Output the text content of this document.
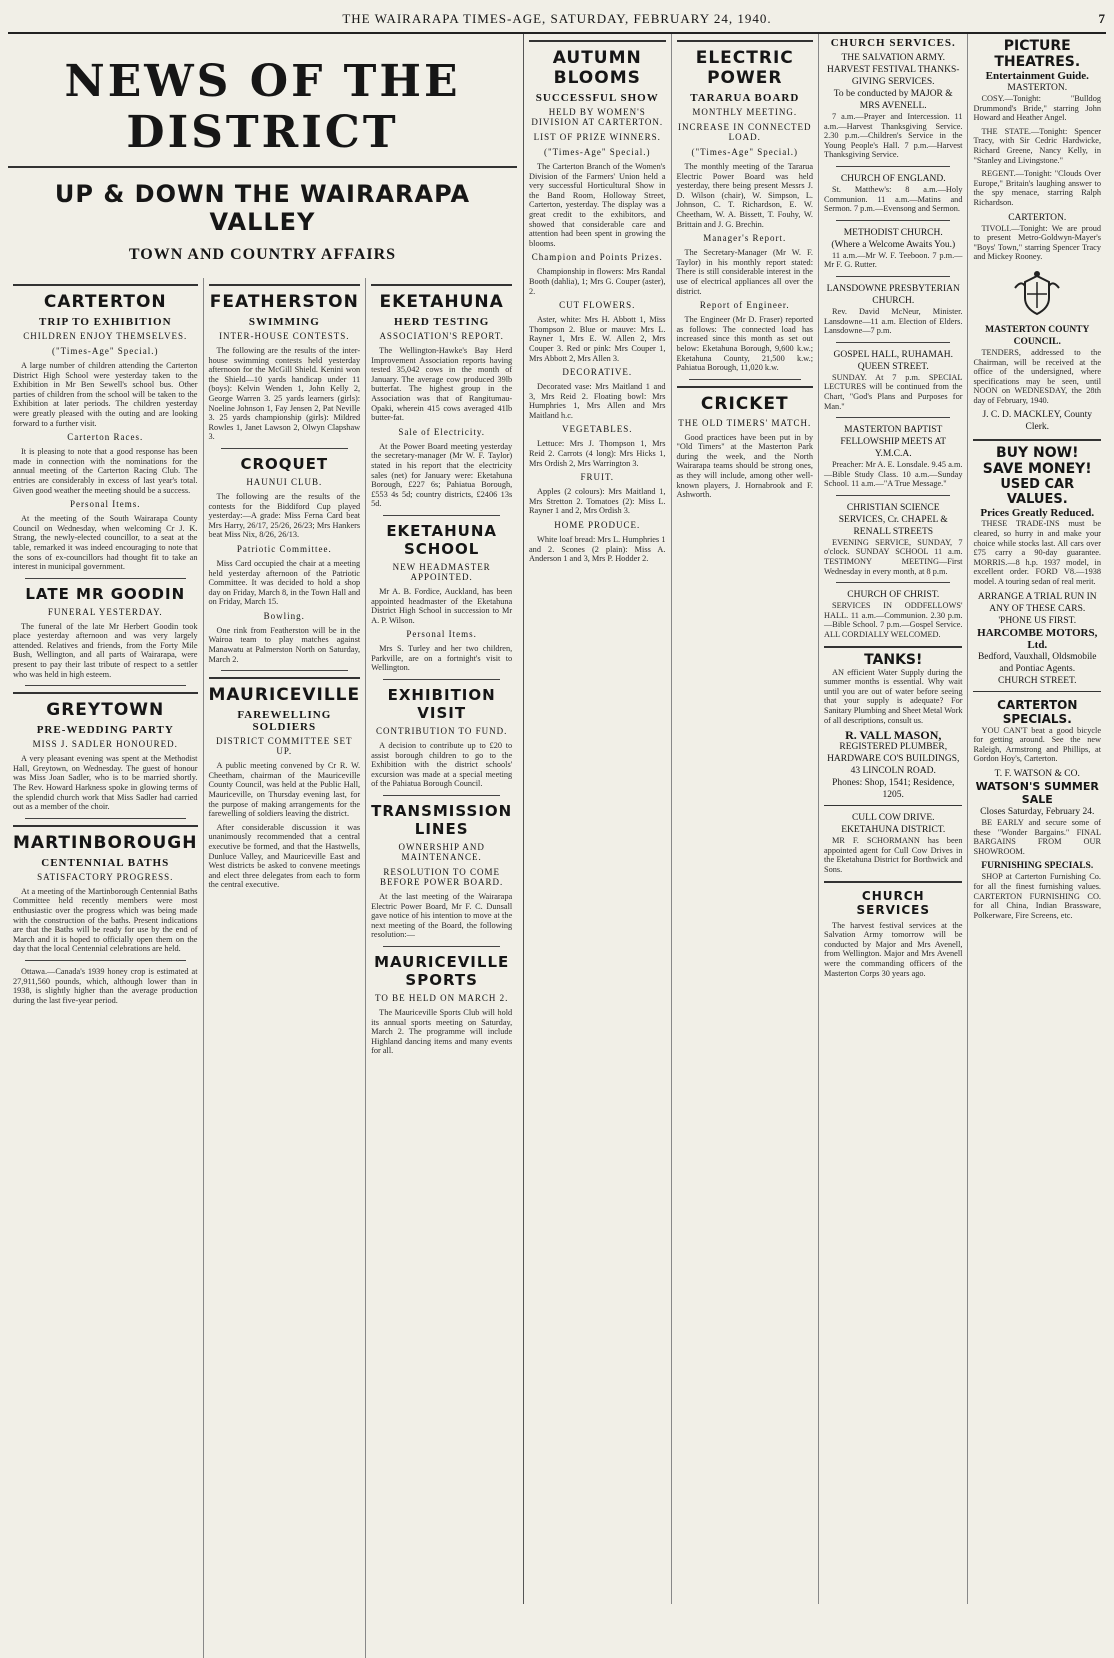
THE WAIRARAPA TIMES-AGE, SATURDAY, FEBRUARY 24, 1940.	7
NEWS OF THE DISTRICT
UP & DOWN THE WAIRARAPA VALLEY
TOWN AND COUNTRY AFFAIRS
CARTERTON
TRIP TO EXHIBITION
CHILDREN ENJOY THEMSELVES.
("Times-Age" Special.)

A large number of children attending the Carterton District High School were yesterday taken to the Exhibition in Mr Ben Sewell's school bus. Other parties of children from the school will be taken to the Exhibition at later periods. The children yesterday were greatly pleased with the outing and are looking forward to a further visit.

Carterton Races.

It is pleasing to note that a good response has been made in connection with the nominations for the annual meeting of the Carterton Racing Club. The entries are considerably in excess of last year's total. Given good weather the meeting should be a success.

Personal Items.

At the meeting of the South Wairarapa County Council on Wednesday, when welcoming Cr J. K. Strang, the newly-elected councillor, to a seat at the table, remarked it was indeed encouraging to note that the sons of ex-councillors had thought fit to take an interest in municipal government.

LATE MR GOODIN
FUNERAL YESTERDAY.

The funeral of the late Mr Herbert Goodin took place yesterday afternoon and was very largely attended. Relatives and friends, from the Forty Mile Bush, Wellington, and all parts of Wairarapa, were present to pay their last tribute of respect to a settler who was held in high esteem.

GREYTOWN
PRE-WEDDING PARTY
MISS J. SADLER HONOURED.

A very pleasant evening was spent at the Methodist Hall, Greytown, on Wednesday. The guest of honour was Miss Joan Sadler, who is to be married shortly. The Rev. Howard Harkness spoke in glowing terms of the splendid church work that Miss Sadler had carried out as a member of the choir.

MARTINBOROUGH
CENTENNIAL BATHS
SATISFACTORY PROGRESS.

At a meeting of the Martinborough Centennial Baths Committee held recently members were most enthusiastic over the progress which was being made with the construction of the baths. Present indications are that the Baths will be ready for use by the end of March and it is hoped to officially open them on the day that the local Centennial celebrations are held.

Ottawa.—Canada's 1939 honey crop is estimated at 27,911,560 pounds, which, although lower than in 1938, is slightly higher than the average production during the last five-year period.

FEATHERSTON
SWIMMING
INTER-HOUSE CONTESTS.

The following are the results of the inter-house swimming contests held yesterday afternoon for the McGill Shield. Kenini won the Shield—10 yards handicap under 11 (boys): Kelvin Wenden 1, John Kelly 2, George Warren 3. 25 yards learners (girls): Noeline Johnson 1, Fay Jensen 2, Pat Neville 3. 25 yards championship (girls): Mildred Rowles 1, Janet Lawson 2, Olwyn Clapshaw 3.

CROQUET
HAUNUI CLUB.

The following are the results of the contests for the Biddiford Cup played yesterday:—A grade: Miss Ferna Card beat Mrs Harry, 26/17, 25/26, 26/23; Mrs Hankers beat Miss Nix, 8/26, 26/13.

Patriotic Committee.

Miss Card occupied the chair at a meeting held yesterday afternoon of the Patriotic Committee. It was decided to hold a shop day on Friday, March 8, in the Town Hall and on Friday, March 15.

Bowling.

One rink from Featherston will be in the Wairoa team to play matches against Manawatu at Palmerston North on Saturday, March 2.

MAURICEVILLE
FAREWELLING SOLDIERS
DISTRICT COMMITTEE SET UP.

A public meeting convened by Cr R. W. Cheetham, chairman of the Mauriceville County Council, was held at the Public Hall, Mauriceville, on Thursday evening last, for the purpose of making arrangements for the farewelling of soldiers leaving the district.

After considerable discussion it was unanimously recommended that a central executive be formed, and that the Hastwells, Dunluce Valley, and Mauriceville East and West districts be asked to convene meetings and elect three delegates from each to form the central executive.

EKETAHUNA
HERD TESTING
ASSOCIATION'S REPORT.

The Wellington-Hawke's Bay Herd Improvement Association reports having tested 35,042 cows in the month of January. The average cow produced 39lb butterfat. The highest group in the Association was that of Rangitumau-Opaki, wherein 415 cows averaged 41lb butter-fat.

Sale of Electricity.

At the Power Board meeting yesterday the secretary-manager (Mr W. F. Taylor) stated in his report that the electricity sales (net) for January were: Eketahuna Borough, £227 6s; Pahiatua Borough, £553 4s 5d; country districts, £2406 13s 5d.

EKETAHUNA SCHOOL
NEW HEADMASTER APPOINTED.

Mr A. B. Fordice, Auckland, has been appointed headmaster of the Eketahuna District High School in succession to Mr A. P. Wilson.

Personal Items.

Mrs S. Turley and her two children, Parkville, are on a fortnight's visit to Wellington.

EXHIBITION VISIT
CONTRIBUTION TO FUND.

A decision to contribute up to £20 to assist borough children to go to the Exhibition with the district schools' excursion was made at a special meeting of the Pahiatua Borough Council.

TRANSMISSION LINES
OWNERSHIP AND MAINTENANCE.
RESOLUTION TO COME BEFORE POWER BOARD.

At the last meeting of the Wairarapa Electric Power Board, Mr F. C. Dunsall gave notice of his intention to move at the next meeting of the Board, the following resolution:—

MAURICEVILLE SPORTS
TO BE HELD ON MARCH 2.

The Mauriceville Sports Club will hold its annual sports meeting on Saturday, March 2. The programme will include Highland dancing items and many events for all.

AUTUMN BLOOMS
SUCCESSFUL SHOW
HELD BY WOMEN'S DIVISION AT CARTERTON.
LIST OF PRIZE WINNERS.
("Times-Age" Special.)

The Carterton Branch of the Women's Division of the Farmers' Union held a very successful Horticultural Show in the Band Room, Holloway Street, Carterton, yesterday. The display was a great credit to the exhibitors, and showed that considerable care and attention had been spent in growing the blooms.

Champion and Points Prizes.

Championship in flowers: Mrs Randal Booth (dahlia), 1; Mrs G. Couper (aster), 2.

CUT FLOWERS.

Aster, white: Mrs H. Abbott 1, Miss Thompson 2. Blue or mauve: Mrs L. Rayner 1, Mrs E. W. Allen 2, Mrs Couper 3. Red or pink: Mrs Couper 1, Mrs Abbott 2, Mrs Allen 3.

DECORATIVE.

Decorated vase: Mrs Maitland 1 and 3, Mrs Reid 2. Floating bowl: Mrs Humphries 1, Mrs Allen and Mrs Maitland h.c.

VEGETABLES.

Lettuce: Mrs J. Thompson 1, Mrs Reid 2. Carrots (4 long): Mrs Hicks 1, Mrs Ordish 2, Mrs Warrington 3.

FRUIT.

Apples (2 colours): Mrs Maitland 1, Mrs Stretton 2. Tomatoes (2): Miss L. Rayner 1 and 2, Mrs Ordish 3.

HOME PRODUCE.

White loaf bread: Mrs L. Humphries 1 and 2. Scones (2 plain): Miss A. Anderson 1 and 3, Mrs P. Hodder 2.

ELECTRIC POWER
TARARUA BOARD
MONTHLY MEETING.
INCREASE IN CONNECTED LOAD.
("Times-Age" Special.)

The monthly meeting of the Tararua Electric Power Board was held yesterday, there being present Messrs J. D. Wilson (chair), W. Simpson, L. Johnson, C. T. Richardson, E. W. Cheetham, W. A. Bissett, T. Fouhy, W. Brittain and J. G. Brechin.

Manager's Report.

The Secretary-Manager (Mr W. F. Taylor) in his monthly report stated: There is still considerable interest in the use of electrical appliances all over the district.

Report of Engineer.

The Engineer (Mr D. Fraser) reported as follows: The connected load has increased since this month as set out below: Eketahuna Borough, 9,600 k.w.; Eketahuna County, 21,500 k.w.; Pahiatua Borough, 11,020 k.w.

CRICKET
THE OLD TIMERS' MATCH.

Good practices have been put in by "Old Timers" at the Masterton Park during the week, and the North Wairarapa teams should be strong ones, as they will include, among other well-known players, J. Hornabrook and F. Ashworth.

CHURCH SERVICES.
THE SALVATION ARMY.
HARVEST FESTIVAL THANKS-GIVING SERVICES.
To be conducted by MAJOR & MRS AVENELL.

7 a.m.—Prayer and Intercession. 11 a.m.—Harvest Thanksgiving Service. 2.30 p.m.—Children's Service in the Young People's Hall. 7 p.m.—Harvest Thanksgiving Service.

CHURCH OF ENGLAND.

St. Matthew's: 8 a.m.—Holy Communion. 11 a.m.—Matins and Sermon. 7 p.m.—Evensong and Sermon.

METHODIST CHURCH.
(Where a Welcome Awaits You.)

11 a.m.—Mr W. F. Teeboon. 7 p.m.—Mr F. G. Rutter.

LANSDOWNE PRESBYTERIAN CHURCH.

Rev. David McNeur, Minister. Lansdowne—11 a.m. Election of Elders. Lansdowne—7 p.m.

GOSPEL HALL, RUHAMAH. QUEEN STREET.

SUNDAY. At 7 p.m. SPECIAL LECTURES will be continued from the Chart, "God's Plans and Purposes for Man."

MASTERTON BAPTIST FELLOWSHIP MEETS AT Y.M.C.A.

Preacher: Mr A. E. Lonsdale. 9.45 a.m.—Bible Study Class. 10 a.m.—Sunday School. 11 a.m.—"A True Message."

CHRISTIAN SCIENCE SERVICES, Cr. CHAPEL & RENALL STREETS

EVENING SERVICE, SUNDAY, 7 o'clock. SUNDAY SCHOOL 11 a.m. TESTIMONY MEETING—First Wednesday in every month, at 8 p.m.

CHURCH OF CHRIST.

SERVICES IN ODDFELLOWS' HALL. 11 a.m.—Communion. 2.30 p.m.—Bible School. 7 p.m.—Gospel Service. ALL CORDIALLY WELCOMED.

TANKS!

AN efficient Water Supply during the summer months is essential. Why wait until you are out of water before seeing that your supply is adequate? For Sanitary Plumbing and Sheet Metal Work of all descriptions, consult us.

R. VALL MASON,
REGISTERED PLUMBER, HARDWARE CO'S BUILDINGS,
43 LINCOLN ROAD.
Phones: Shop, 1541; Residence, 1205.
CULL COW DRIVE.
EKETAHUNA DISTRICT.

MR F. SCHORMANN has been appointed agent for Cull Cow Drives in the Eketahuna District for Borthwick and Sons.

CHURCH SERVICES

The harvest festival services at the Salvation Army tomorrow will be conducted by Major and Mrs Avenell, from Wellington. Major and Mrs Avenell were the commanding officers of the Masterton Corps 30 years ago.

PICTURE THEATRES.
Entertainment Guide.
MASTERTON.

COSY.—Tonight: "Bulldog Drummond's Bride," starring John Howard and Heather Angel.

THE STATE.—Tonight: Spencer Tracy, with Sir Cedric Hardwicke, Richard Greene, Nancy Kelly, in "Stanley and Livingstone."

REGENT.—Tonight: "Clouds Over Europe," Britain's laughing answer to the spy menace, starring Ralph Richardson.

CARTERTON.

TIVOLI.—Tonight: We are proud to present Metro-Goldwyn-Mayer's "Boys' Town," starring Spencer Tracy and Mickey Rooney.

MASTERTON COUNTY COUNCIL.

TENDERS, addressed to the Chairman, will be received at the office of the undersigned, where specifications may be seen, until NOON on WEDNESDAY, the 28th day of February, 1940.

J. C. D. MACKLEY, County Clerk.
BUY NOW! SAVE MONEY!
USED CAR VALUES.
Prices Greatly Reduced.

THESE TRADE-INS must be cleared, so hurry in and make your choice while stocks last. All cars over £75 carry a 90-day guarantee. MORRIS.—8 h.p. 1937 model, in excellent order. FORD V8.—1938 model. A touring sedan of real merit.

ARRANGE A TRIAL RUN IN ANY OF THESE CARS.
'PHONE US FIRST.
HARCOMBE MOTORS, Ltd.
Bedford, Vauxhall, Oldsmobile and Pontiac Agents.
CHURCH STREET.
CARTERTON SPECIALS.

YOU CAN'T beat a good bicycle for getting around. See the new Raleigh, Armstrong and Phillips, at Gordon Hoy's, Carterton.

T. F. WATSON & CO.
WATSON'S SUMMER SALE
Closes Saturday, February 24.

BE EARLY and secure some of these "Wonder Bargains." FINAL BARGAINS FROM OUR SHOWROOM.

FURNISHING SPECIALS.

SHOP at Carterton Furnishing Co. for all the finest furnishing values. CARTERTON FURNISHING CO. for all China, Indian Brassware, Polkerware, Fire Screens, etc.
